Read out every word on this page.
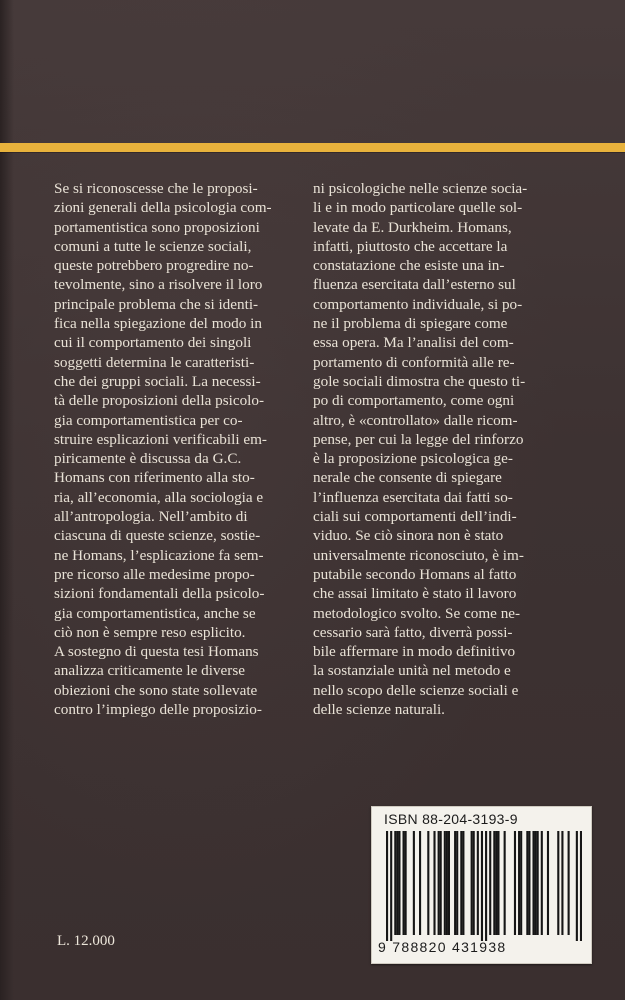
Se si riconoscesse che le proposi-
zioni generali della psicologia com-
portamentistica sono proposizioni
comuni a tutte le scienze sociali,
queste potrebbero progredire no-
tevolmente, sino a risolvere il loro
principale problema che si identi-
fica nella spiegazione del modo in
cui il comportamento dei singoli
soggetti determina le caratteristi-
che dei gruppi sociali. La necessi-
tà delle proposizioni della psicolo-
gia comportamentistica per co-
struire esplicazioni verificabili em-
piricamente è discussa da G.C.
Homans con riferimento alla sto-
ria, all’economia, alla sociologia e
all’antropologia. Nell’ambito di
ciascuna di queste scienze, sostie-
ne Homans, l’esplicazione fa sem-
pre ricorso alle medesime propo-
sizioni fondamentali della psicolo-
gia comportamentistica, anche se
ciò non è sempre reso esplicito.
A sostegno di questa tesi Homans
analizza criticamente le diverse
obiezioni che sono state sollevate
contro l’impiego delle proposizio-
ni psicologiche nelle scienze socia-
li e in modo particolare quelle sol-
levate da E. Durkheim. Homans,
infatti, piuttosto che accettare la
constatazione che esiste una in-
fluenza esercitata dall’esterno sul
comportamento individuale, si po-
ne il problema di spiegare come
essa opera. Ma l’analisi del com-
portamento di conformità alle re-
gole sociali dimostra che questo ti-
po di comportamento, come ogni
altro, è «controllato» dalle ricom-
pense, per cui la legge del rinforzo
è la proposizione psicologica ge-
nerale che consente di spiegare
l’influenza esercitata dai fatti so-
ciali sui comportamenti dell’indi-
viduo. Se ciò sinora non è stato
universalmente riconosciuto, è im-
putabile secondo Homans al fatto
che assai limitato è stato il lavoro
metodologico svolto. Se come ne-
cessario sarà fatto, diverrà possi-
bile affermare in modo definitivo
la sostanziale unità nel metodo e
nello scopo delle scienze sociali e
delle scienze naturali.
L. 12.000
ISBN 88-204-3193-9
9 788820 431938
